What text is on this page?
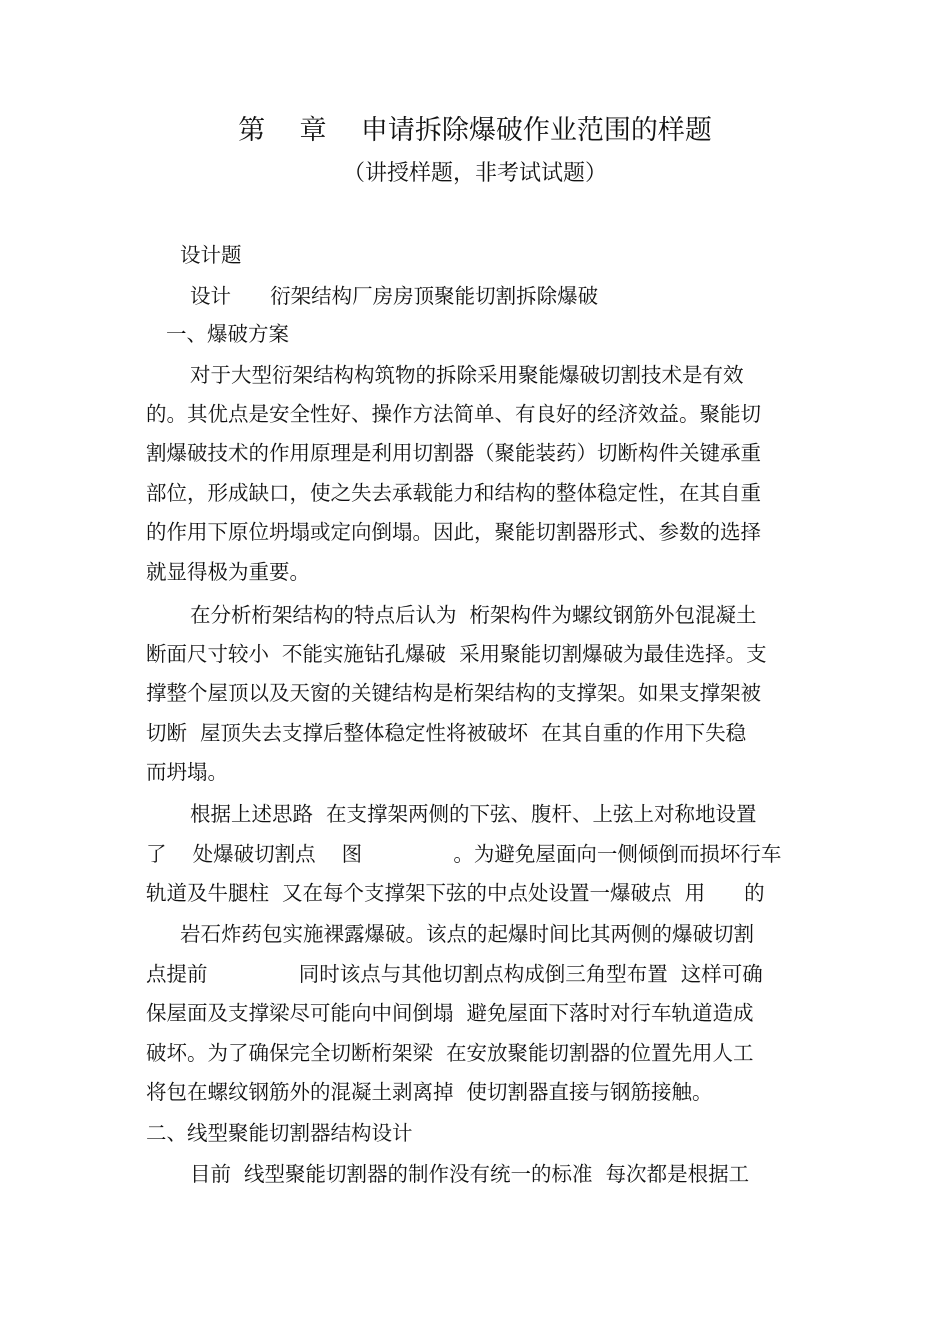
第    章    申请拆除爆破作业范围的样题
（讲授样题，非考试试题）

设计题

设计      衍架结构厂房房顶聚能切割拆除爆破

一、爆破方案

对于大型衍架结构构筑物的拆除采用聚能爆破切割技术是有效

的。其优点是安全性好、操作方法简单、有良好的经济效益。聚能切

割爆破技术的作用原理是利用切割器（聚能装药）切断构件关键承重

部位，形成缺口，使之失去承载能力和结构的整体稳定性，在其自重

的作用下原位坍塌或定向倒塌。因此，聚能切割器形式、参数的选择

就显得极为重要。

在分析桁架结构的特点后认为  桁架构件为螺纹钢筋外包混凝土

断面尺寸较小  不能实施钻孔爆破  采用聚能切割爆破为最佳选择。支

撑整个屋顶以及天窗的关键结构是桁架结构的支撑架。如果支撑架被

切断  屋顶失去支撑后整体稳定性将被破坏  在其自重的作用下失稳

而坍塌。

根据上述思路  在支撑架两侧的下弦、腹杆、上弦上对称地设置

了    处爆破切割点    图              。为避免屋面向一侧倾倒而损坏行车

轨道及牛腿柱  又在每个支撑架下弦的中点处设置一爆破点  用      的

岩石炸药包实施裸露爆破。该点的起爆时间比其两侧的爆破切割

点提前              同时该点与其他切割点构成倒三角型布置  这样可确

保屋面及支撑梁尽可能向中间倒塌  避免屋面下落时对行车轨道造成

破坏。为了确保完全切断桁架梁  在安放聚能切割器的位置先用人工

将包在螺纹钢筋外的混凝土剥离掉  使切割器直接与钢筋接触。

二、线型聚能切割器结构设计

目前  线型聚能切割器的制作没有统一的标准  每次都是根据工
